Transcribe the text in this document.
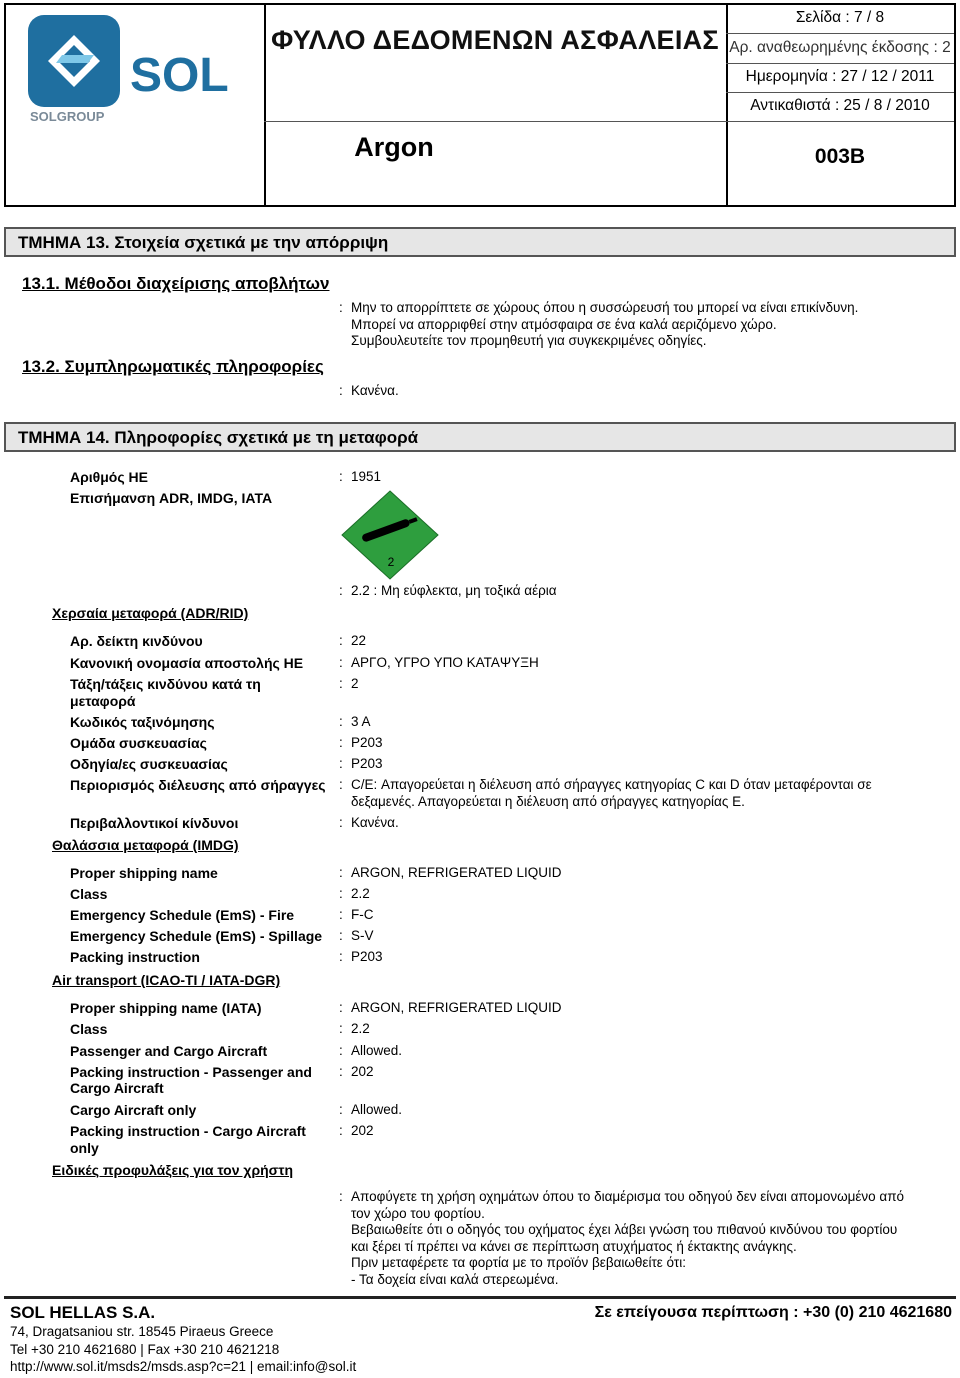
SOL
SOLGROUP
ΦΥΛΛΟ ΔΕΔΟΜΕΝΩΝ ΑΣΦΑΛΕΙΑΣ
Argon
Σελίδα : 7 / 8
Αρ. αναθεωρημένης έκδοσης : 2
Ημερομηνία : 27 / 12 / 2011
Αντικαθιστά : 25 / 8 / 2010
003B
ΤΜΗΜΑ 13. Στοιχεία σχετικά με την απόρριψη
13.1. Μέθοδοι διαχείρισης αποβλήτων
: Μην το απορρίπτετε σε χώρους όπου η συσσώρευσή του μπορεί να είναι επικίνδυνη.
Μπορεί να απορριφθεί στην ατμόσφαιρα σε ένα καλά αεριζόμενο χώρο.
Συμβουλευτείτε τον προμηθευτή για συγκεκριμένες οδηγίες.
13.2. Συμπληρωματικές πληροφορίες
: Κανένα.
ΤΜΗΜΑ 14. Πληροφορίες σχετικά με τη μεταφορά
Αριθμός ΗΕ	: 1951
Επισήμανση ADR, IMDG, IATA
2
: 2.2 : Μη εύφλεκτα, μη τοξικά αέρια
Χερσαία μεταφορά (ADR/RID)
Αρ. δείκτη κινδύνου	: 22
Κανονική ονομασία αποστολής ΗΕ	: ΑΡΓΟ, ΥΓΡΟ ΥΠΟ ΚΑΤΑΨΥΞΗ
Τάξη/τάξεις κινδύνου κατά τη
μεταφορά
: 2
Κωδικός ταξινόμησης	: 3 A
Ομάδα συσκευασίας	: P203
Οδηγία/ες συσκευασίας	: P203
Περιορισμός διέλευσης από σήραγγες : C/E: Απαγορεύεται η διέλευση από σήραγγες κατηγορίας C και D όταν μεταφέρονται σε
δεξαμενές. Απαγορεύεται η διέλευση από σήραγγες κατηγορίας E.
Περιβαλλοντικοί κίνδυνοι	: Κανένα.
Θαλάσσια μεταφορά (IMDG)
Proper shipping name	: ARGON, REFRIGERATED LIQUID
Class	: 2.2
Emergency Schedule (EmS) - Fire	: F-C
Emergency Schedule (EmS) - Spillage : S-V
Packing instruction	: P203
Air transport (ICAO-TI / IATA-DGR)
Proper shipping name (IATA)	: ARGON, REFRIGERATED LIQUID
Class	: 2.2
Passenger and Cargo Aircraft	: Allowed.
Packing instruction - Passenger and
Cargo Aircraft
: 202
Cargo Aircraft only	: Allowed.
Packing instruction - Cargo Aircraft
only
: 202
Ειδικές προφυλάξεις για τον χρήστη
: Αποφύγετε τη χρήση οχημάτων όπου το διαμέρισμα του οδηγού δεν είναι απομονωμένο από
τον χώρο του φορτίου.
Βεβαιωθείτε ότι ο οδηγός του οχήματος έχει λάβει γνώση του πιθανού κινδύνου του φορτίου
και ξέρει τί πρέπει να κάνει σε περίπτωση ατυχήματος ή έκτακτης ανάγκης.
Πριν μεταφέρετε τα φορτία με το προϊόν βεβαιωθείτε ότι:
- Τα δοχεία είναι καλά στερεωμένα.
SOL HELLAS S.A.	Σε επείγουσα περίπτωση : +30 (0) 210 4621680
74, Dragatsaniou str. 18545 Piraeus Greece
Tel +30 210 4621680 | Fax +30 210 4621218
http://www.sol.it/msds2/msds.asp?c=21 | email:info@sol.it
